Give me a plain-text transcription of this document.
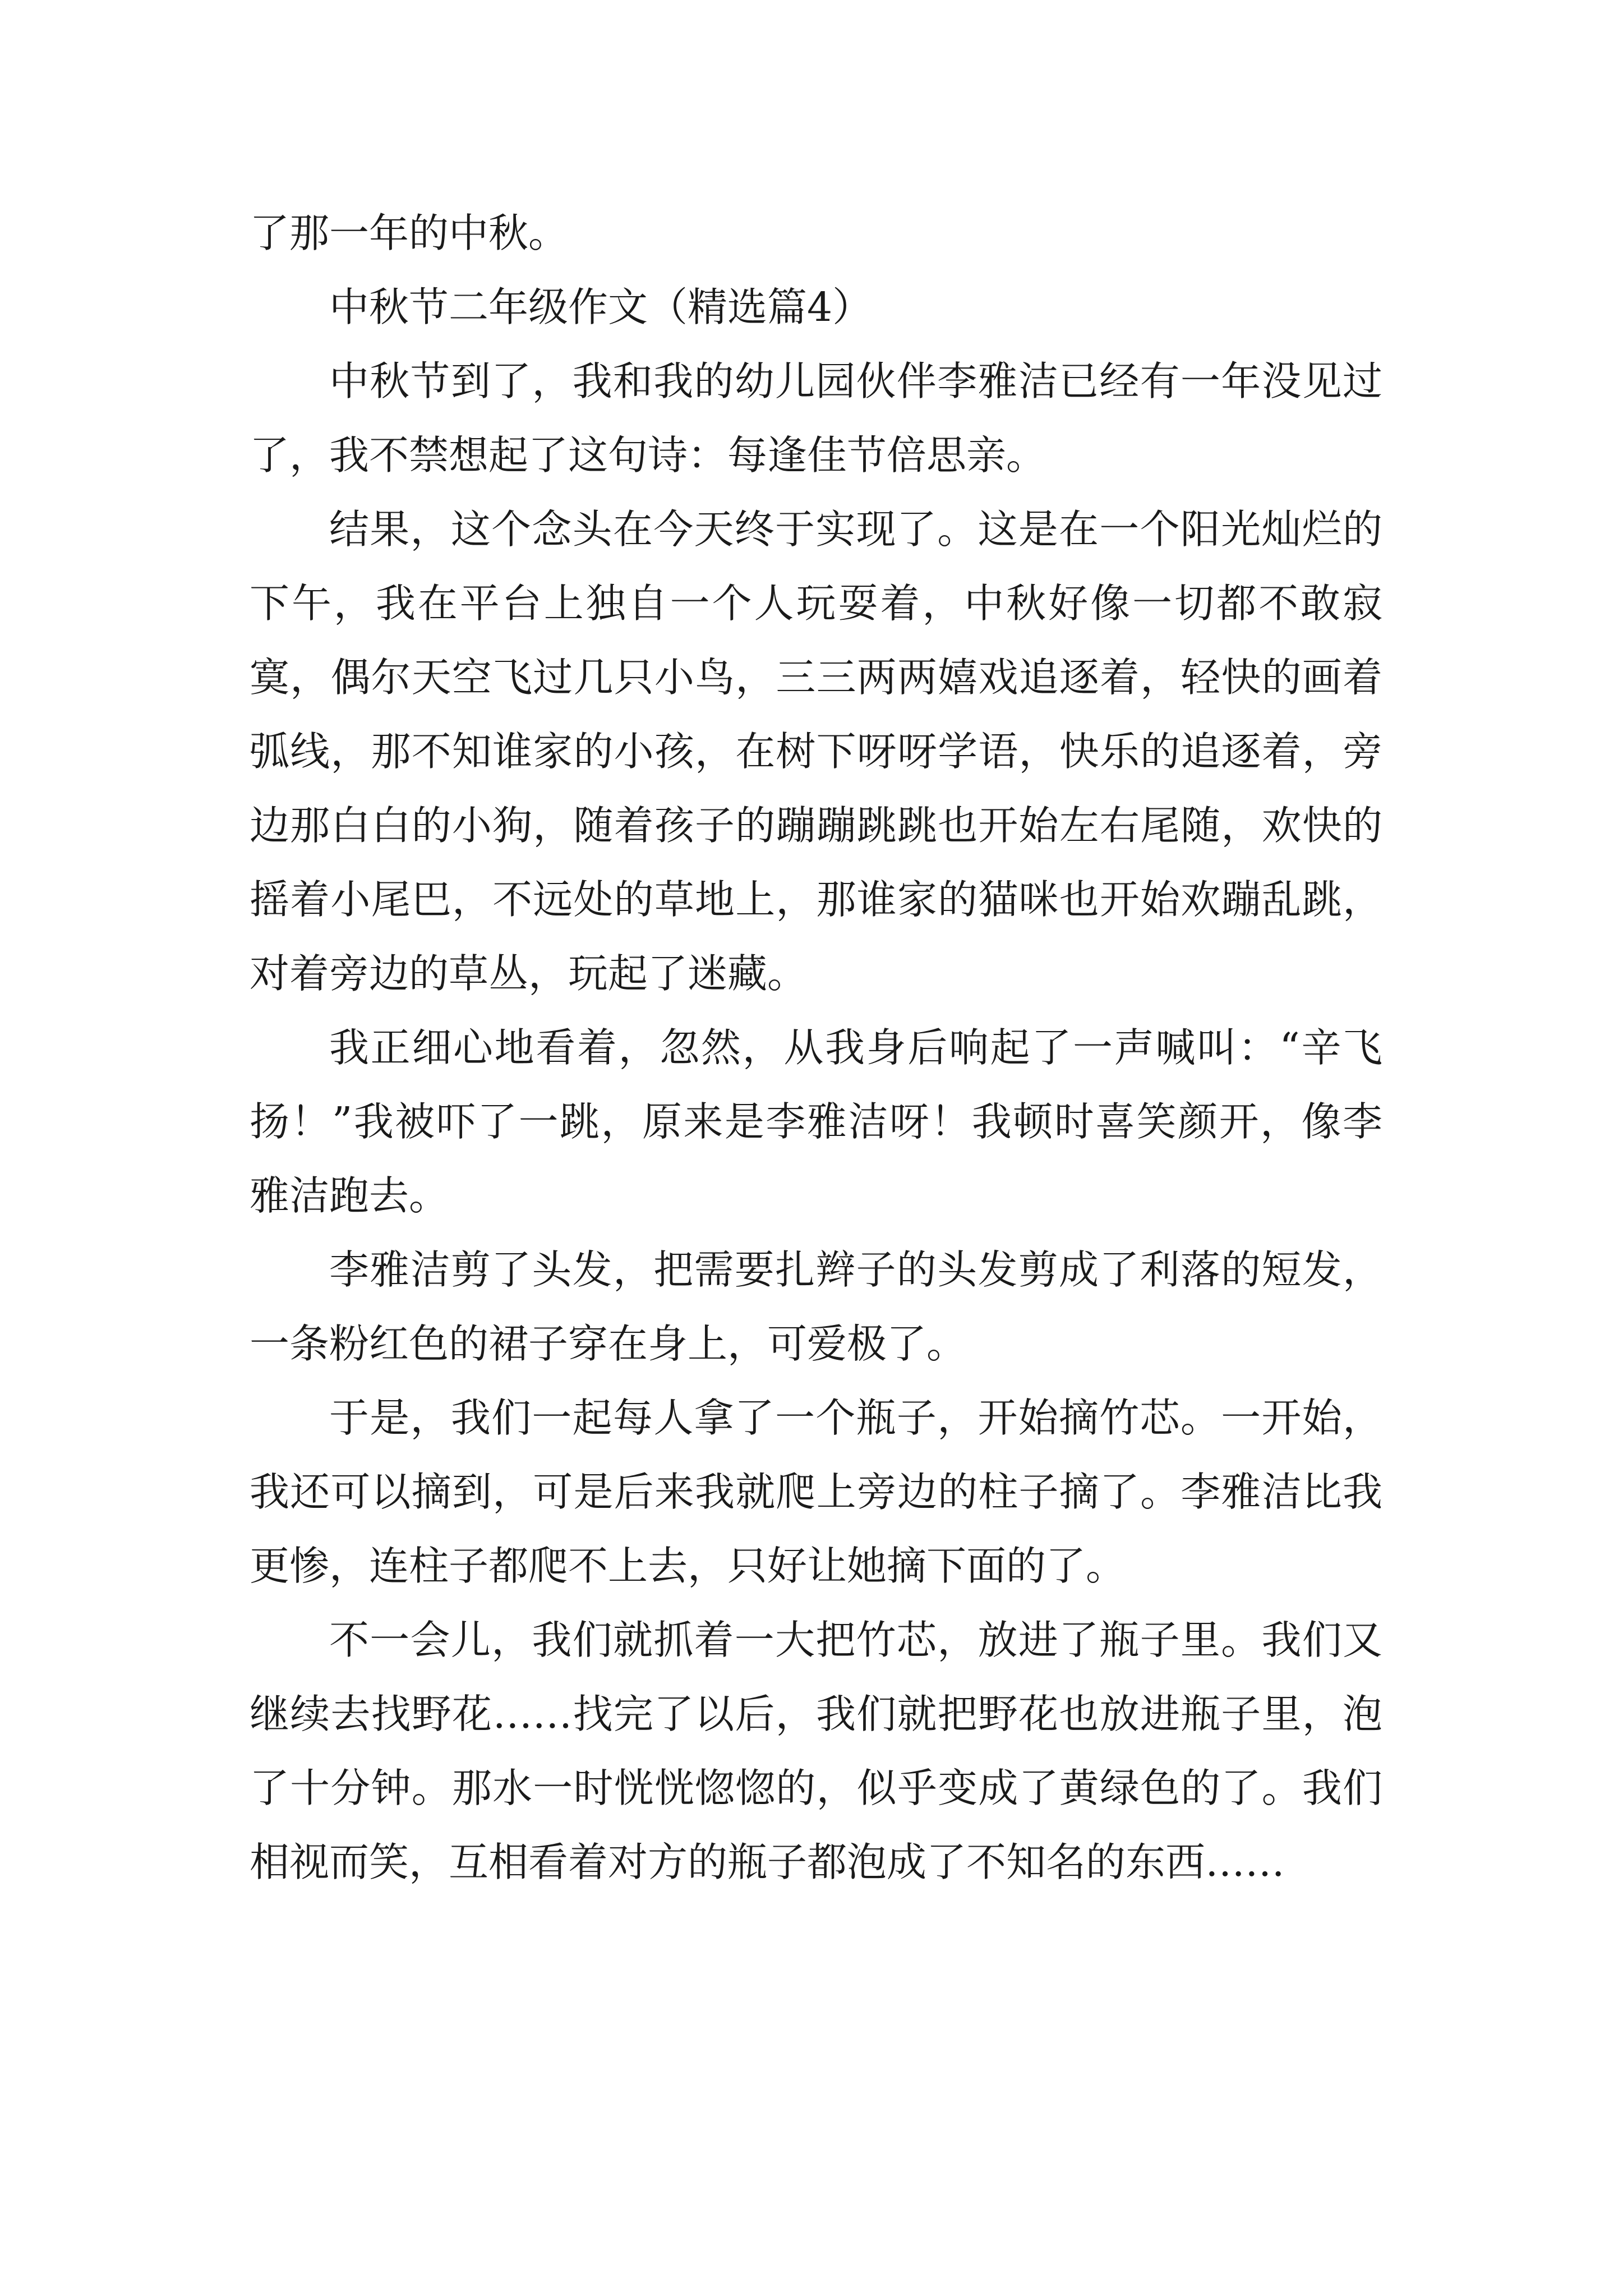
了那一年的中秋。

中秋节二年级作文（精选篇4）

中秋节到了，我和我的幼儿园伙伴李雅洁已经有一年没见过了，我不禁想起了这句诗：每逢佳节倍思亲。

结果，这个念头在今天终于实现了。这是在一个阳光灿烂的下午，我在平台上独自一个人玩耍着，中秋好像一切都不敢寂寞，偶尔天空飞过几只小鸟，三三两两嬉戏追逐着，轻快的画着弧线，那不知谁家的小孩，在树下呀呀学语，快乐的追逐着，旁边那白白的小狗，随着孩子的蹦蹦跳跳也开始左右尾随，欢快的摇着小尾巴，不远处的草地上，那谁家的猫咪也开始欢蹦乱跳，对着旁边的草丛，玩起了迷藏。

我正细心地看着，忽然，从我身后响起了一声喊叫：“辛飞扬！”我被吓了一跳，原来是李雅洁呀！我顿时喜笑颜开，像李雅洁跑去。

李雅洁剪了头发，把需要扎辫子的头发剪成了利落的短发，一条粉红色的裙子穿在身上，可爱极了。

于是，我们一起每人拿了一个瓶子，开始摘竹芯。一开始，我还可以摘到，可是后来我就爬上旁边的柱子摘了。李雅洁比我更惨，连柱子都爬不上去，只好让她摘下面的了。

不一会儿，我们就抓着一大把竹芯，放进了瓶子里。我们又继续去找野花……找完了以后，我们就把野花也放进瓶子里，泡了十分钟。那水一时恍恍惚惚的，似乎变成了黄绿色的了。我们相视而笑，互相看着对方的瓶子都泡成了不知名的东西……
